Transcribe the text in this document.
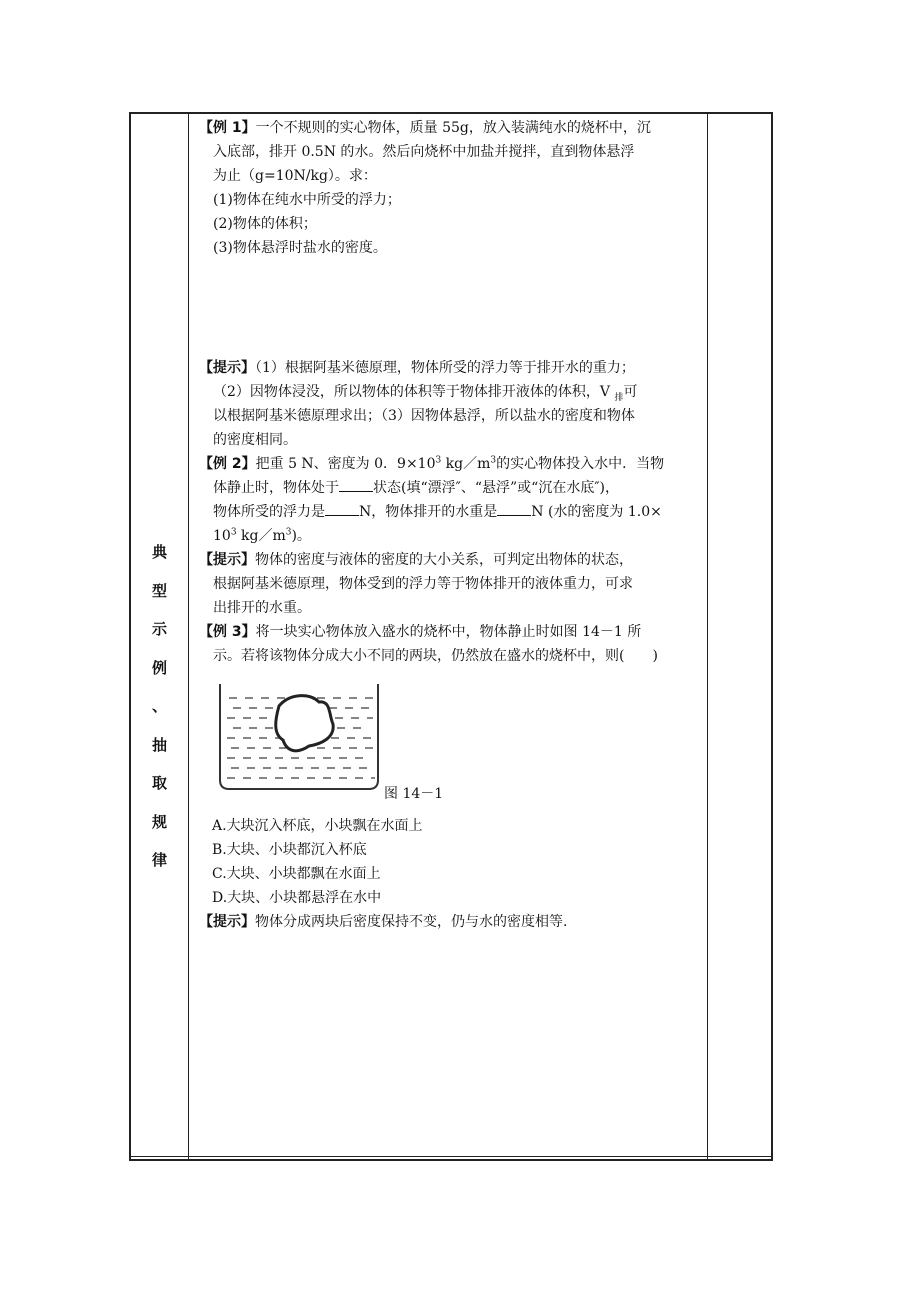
典
型
示
例
、
抽
取
规
律

【例 1】一个不规则的实心物体，质量 55g，放入装满纯水的烧杯中，沉

入底部，排开 0.5N 的水。然后向烧杯中加盐并搅拌，直到物体悬浮

为止（g=10N/kg）。求：

(1)物体在纯水中所受的浮力；

(2)物体的体积；

(3)物体悬浮时盐水的密度。

【提示】（1）根据阿基米德原理，物体所受的浮力等于排开水的重力；

（2）因物体浸没，所以物体的体积等于物体排开液体的体积，V $_排$可

以根据阿基米德原理求出；（3）因物体悬浮，所以盐水的密度和物体

的密度相同。

【例 2】把重 5 N、密度为 0．$9\times 10^3$ $kg/m^3$的实心物体投入水中．当物

体静止时，物体处于 状态(填“漂浮″、“悬浮”或“沉在水底″)，

物体所受的浮力是 N，物体排开的水重是 N (水的密度为 1.0×

$10^3$ $kg/m^3$)。

【提示】物体的密度与液体的密度的大小关系，可判定出物体的状态，

根据阿基米德原理，物体受到的浮力等于物体排开的液体重力，可求

出排开的水重。

【例 3】将一块实心物体放入盛水的烧杯中，物体静止时如图 14－1 所

示。若将该物体分成大小不同的两块，仍然放在盛水的烧杯中，则(　　)

图 14－1
A.大块沉入杯底，小块飘在水面上
B.大块、小块都沉入杯底
C.大块、小块都飘在水面上
D.大块、小块都悬浮在水中
【提示】物体分成两块后密度保持不变，仍与水的密度相等.
